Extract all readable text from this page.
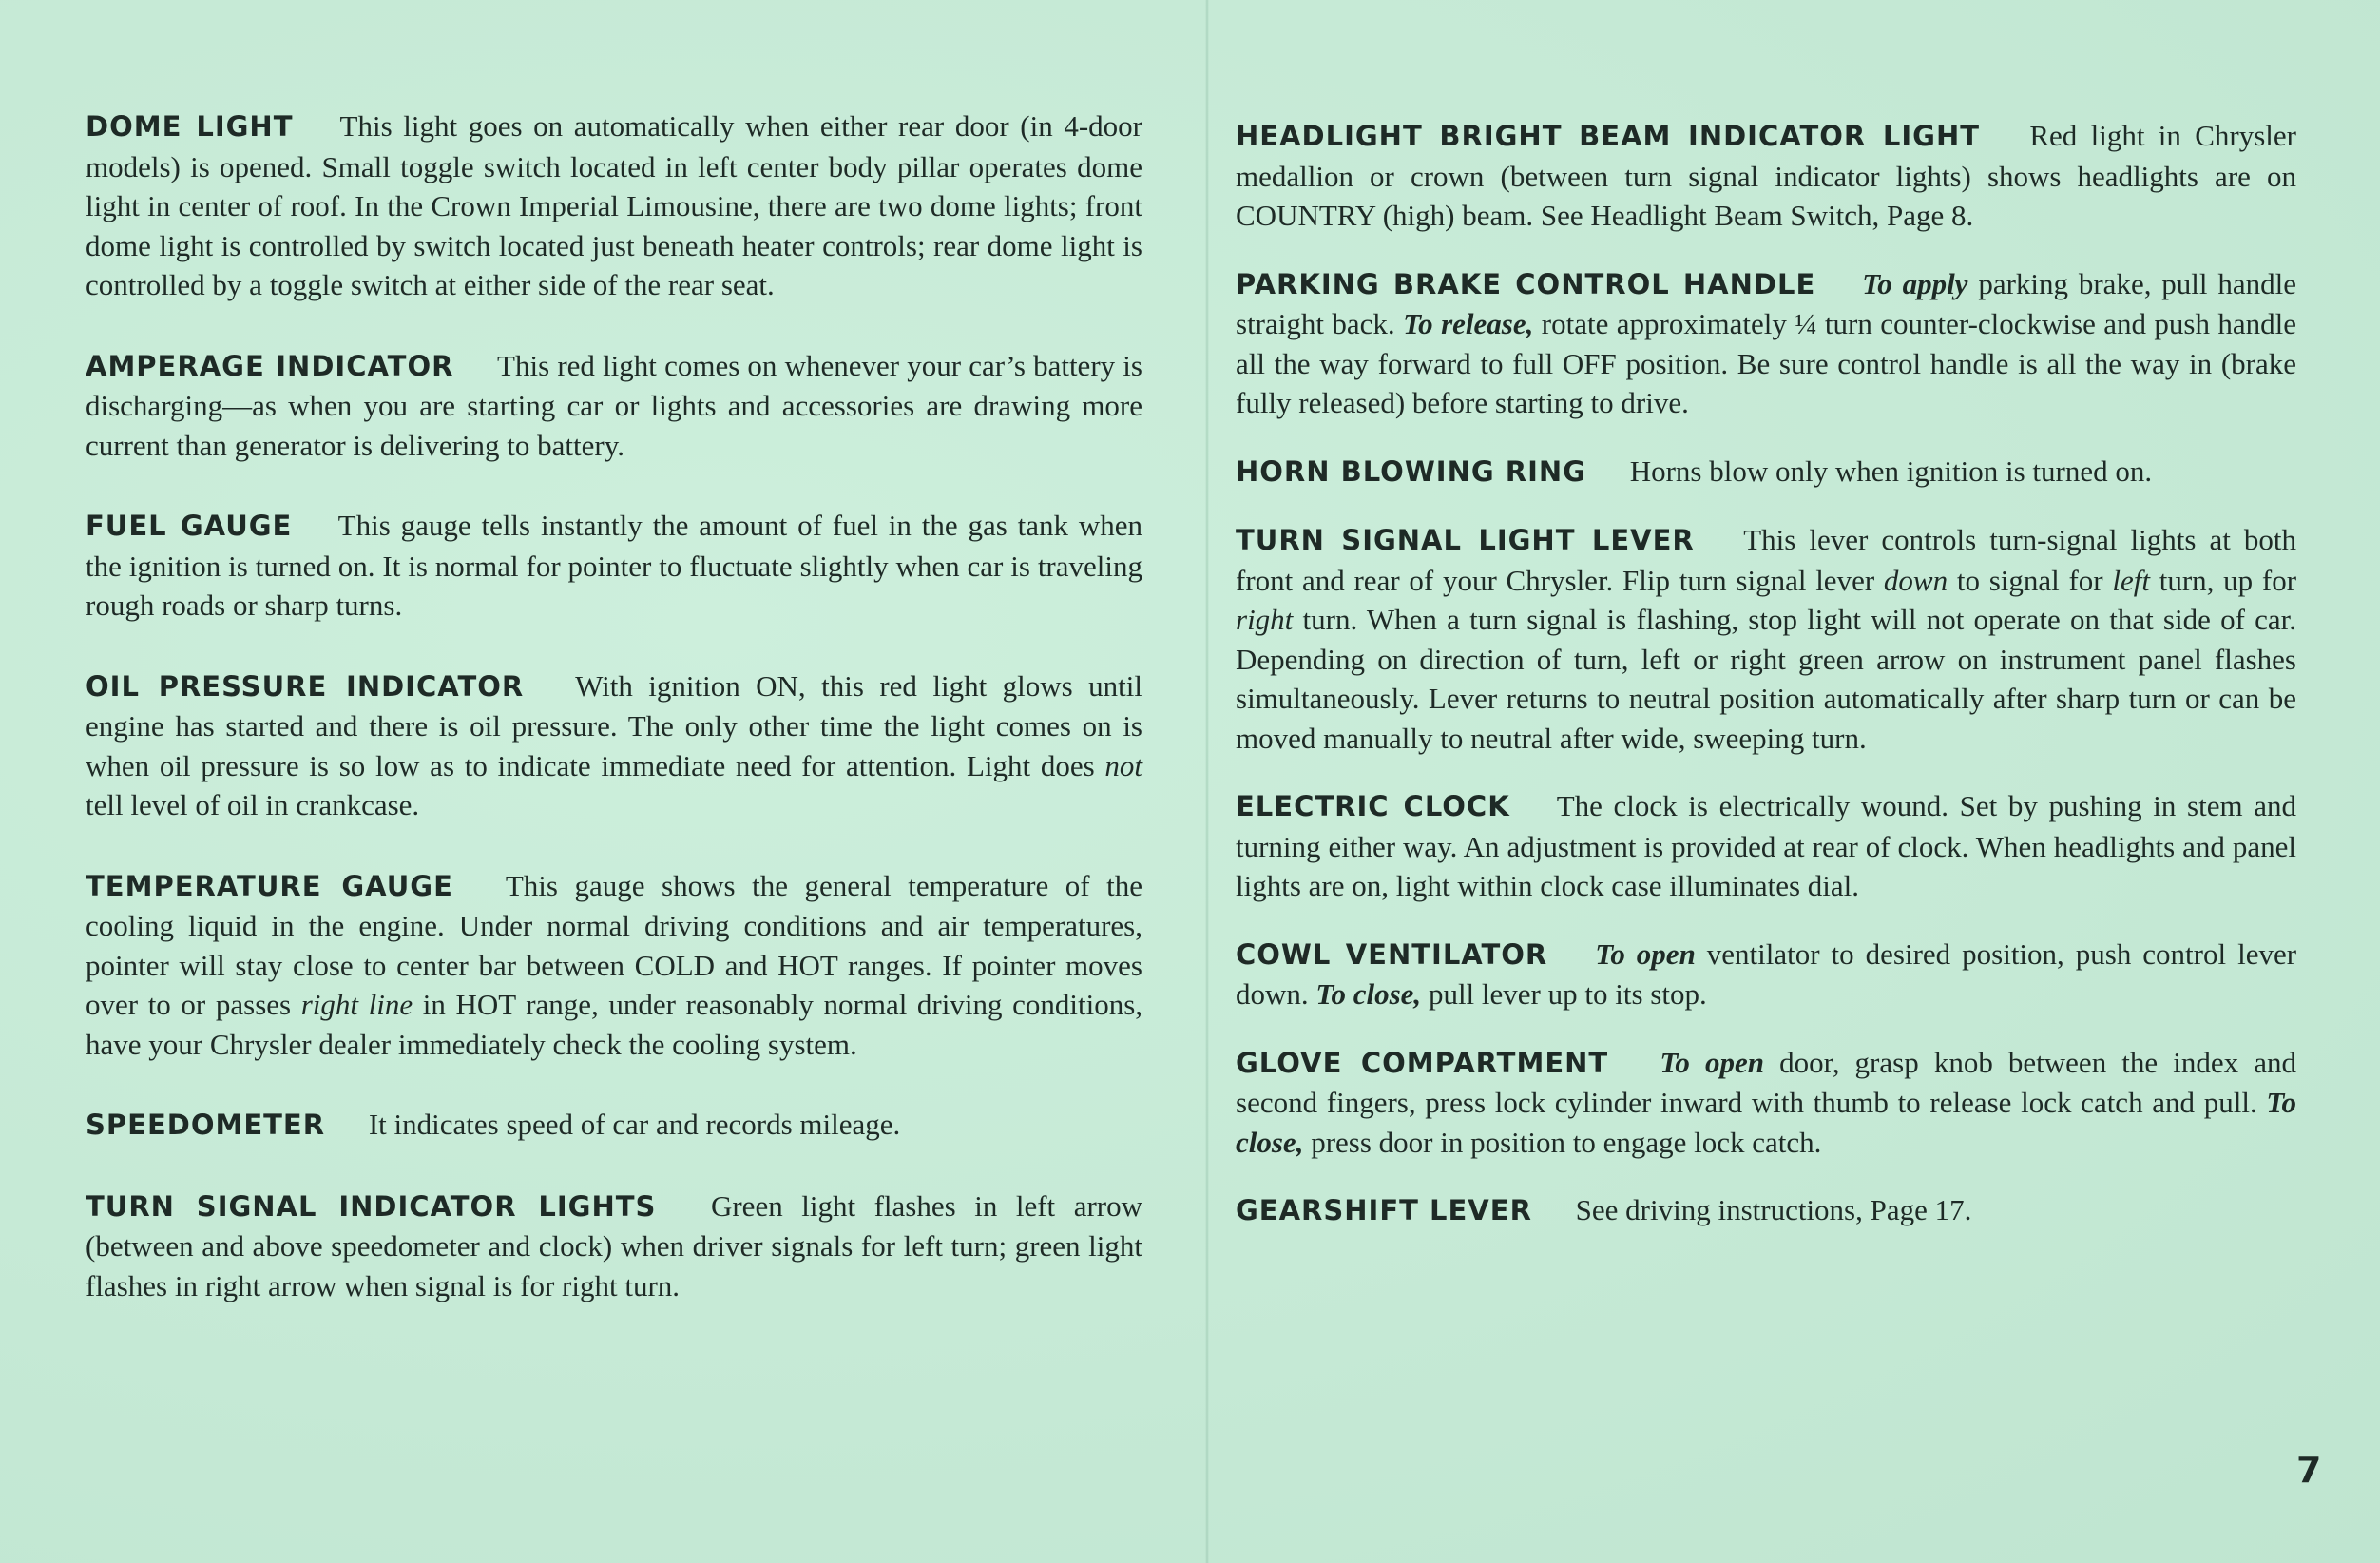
DOME LIGHT This light goes on automatically when either rear door (in 4-door models) is opened. Small toggle switch located in left center body pillar operates dome light in center of roof. In the Crown Imperial Limousine, there are two dome lights; front dome light is controlled by switch located just beneath heater controls; rear dome light is controlled by a toggle switch at either side of the rear seat.

AMPERAGE INDICATOR This red light comes on whenever your car’s battery is discharging—as when you are starting car or lights and accessories are drawing more current than generator is delivering to battery.

FUEL GAUGE This gauge tells instantly the amount of fuel in the gas tank when the ignition is turned on. It is normal for pointer to fluctuate slightly when car is traveling rough roads or sharp turns.

OIL PRESSURE INDICATOR With ignition ON, this red light glows until engine has started and there is oil pressure. The only other time the light comes on is when oil pressure is so low as to indicate immediate need for attention. Light does not tell level of oil in crankcase.

TEMPERATURE GAUGE This gauge shows the general temperature of the cooling liquid in the engine. Under normal driving conditions and air temperatures, pointer will stay close to center bar between COLD and HOT ranges. If pointer moves over to or passes right line in HOT range, under reasonably normal driving conditions, have your Chrysler dealer immediately check the cooling system.

SPEEDOMETER It indicates speed of car and records mileage.

TURN SIGNAL INDICATOR LIGHTS Green light flashes in left arrow (between and above speedometer and clock) when driver signals for left turn; green light flashes in right arrow when signal is for right turn.

HEADLIGHT BRIGHT BEAM INDICATOR LIGHT Red light in Chrysler medallion or crown (between turn signal indicator lights) shows headlights are on COUNTRY (high) beam. See Headlight Beam Switch, Page 8.

PARKING BRAKE CONTROL HANDLE To apply parking brake, pull handle straight back. To release, rotate approximately ¼ turn counter-clockwise and push handle all the way forward to full OFF position. Be sure control handle is all the way in (brake fully released) before starting to drive.

HORN BLOWING RING Horns blow only when ignition is turned on.

TURN SIGNAL LIGHT LEVER This lever controls turn-signal lights at both front and rear of your Chrysler. Flip turn signal lever down to signal for left turn, up for right turn. When a turn signal is flashing, stop light will not operate on that side of car. Depending on direction of turn, left or right green arrow on instrument panel flashes simultaneously. Lever returns to neutral position automatically after sharp turn or can be moved manually to neutral after wide, sweeping turn.

ELECTRIC CLOCK The clock is electrically wound. Set by pushing in stem and turning either way. An adjustment is provided at rear of clock. When headlights and panel lights are on, light within clock case illuminates dial.

COWL VENTILATOR To open ventilator to desired position, push control lever down. To close, pull lever up to its stop.

GLOVE COMPARTMENT To open door, grasp knob between the index and second fingers, press lock cylinder inward with thumb to release lock catch and pull. To close, press door in position to engage lock catch.

GEARSHIFT LEVER See driving instructions, Page 17.

7
